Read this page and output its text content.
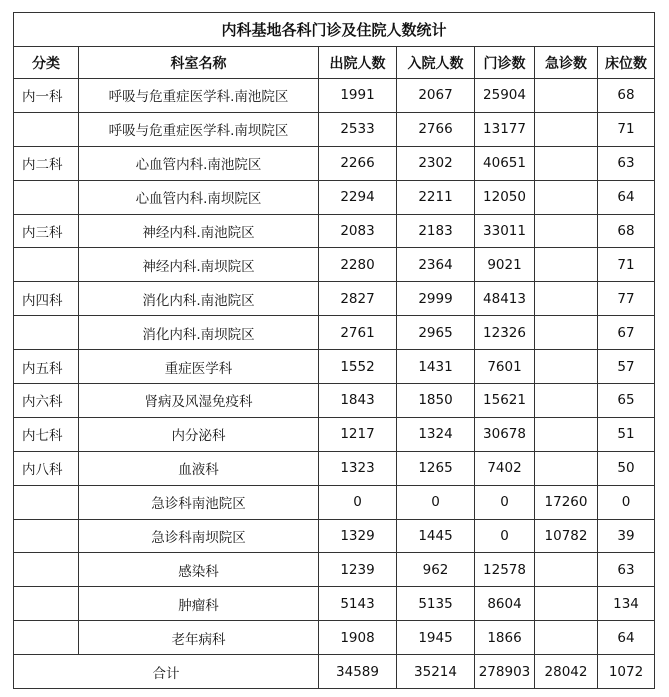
内科基地各科门诊及住院人数统计						
分类	科室名称	出院人数	入院人数	门诊数	急诊数	床位数
内一科	呼吸与危重症医学科.南池院区	1991	2067	25904		68
	呼吸与危重症医学科.南坝院区	2533	2766	13177		71
内二科	心血管内科.南池院区	2266	2302	40651		63
	心血管内科.南坝院区	2294	2211	12050		64
内三科	神经内科.南池院区	2083	2183	33011		68
	神经内科.南坝院区	2280	2364	9021		71
内四科	消化内科.南池院区	2827	2999	48413		77
	消化内科.南坝院区	2761	2965	12326		67
内五科	重症医学科	1552	1431	7601		57
内六科	肾病及风湿免疫科	1843	1850	15621		65
内七科	内分泌科	1217	1324	30678		51
内八科	血液科	1323	1265	7402		50
	急诊科南池院区	0	0	0	17260	0
	急诊科南坝院区	1329	1445	0	10782	39
	感染科	1239	962	12578		63
	肿瘤科	5143	5135	8604		134
	老年病科	1908	1945	1866		64
合计		34589	35214	278903	28042	1072
